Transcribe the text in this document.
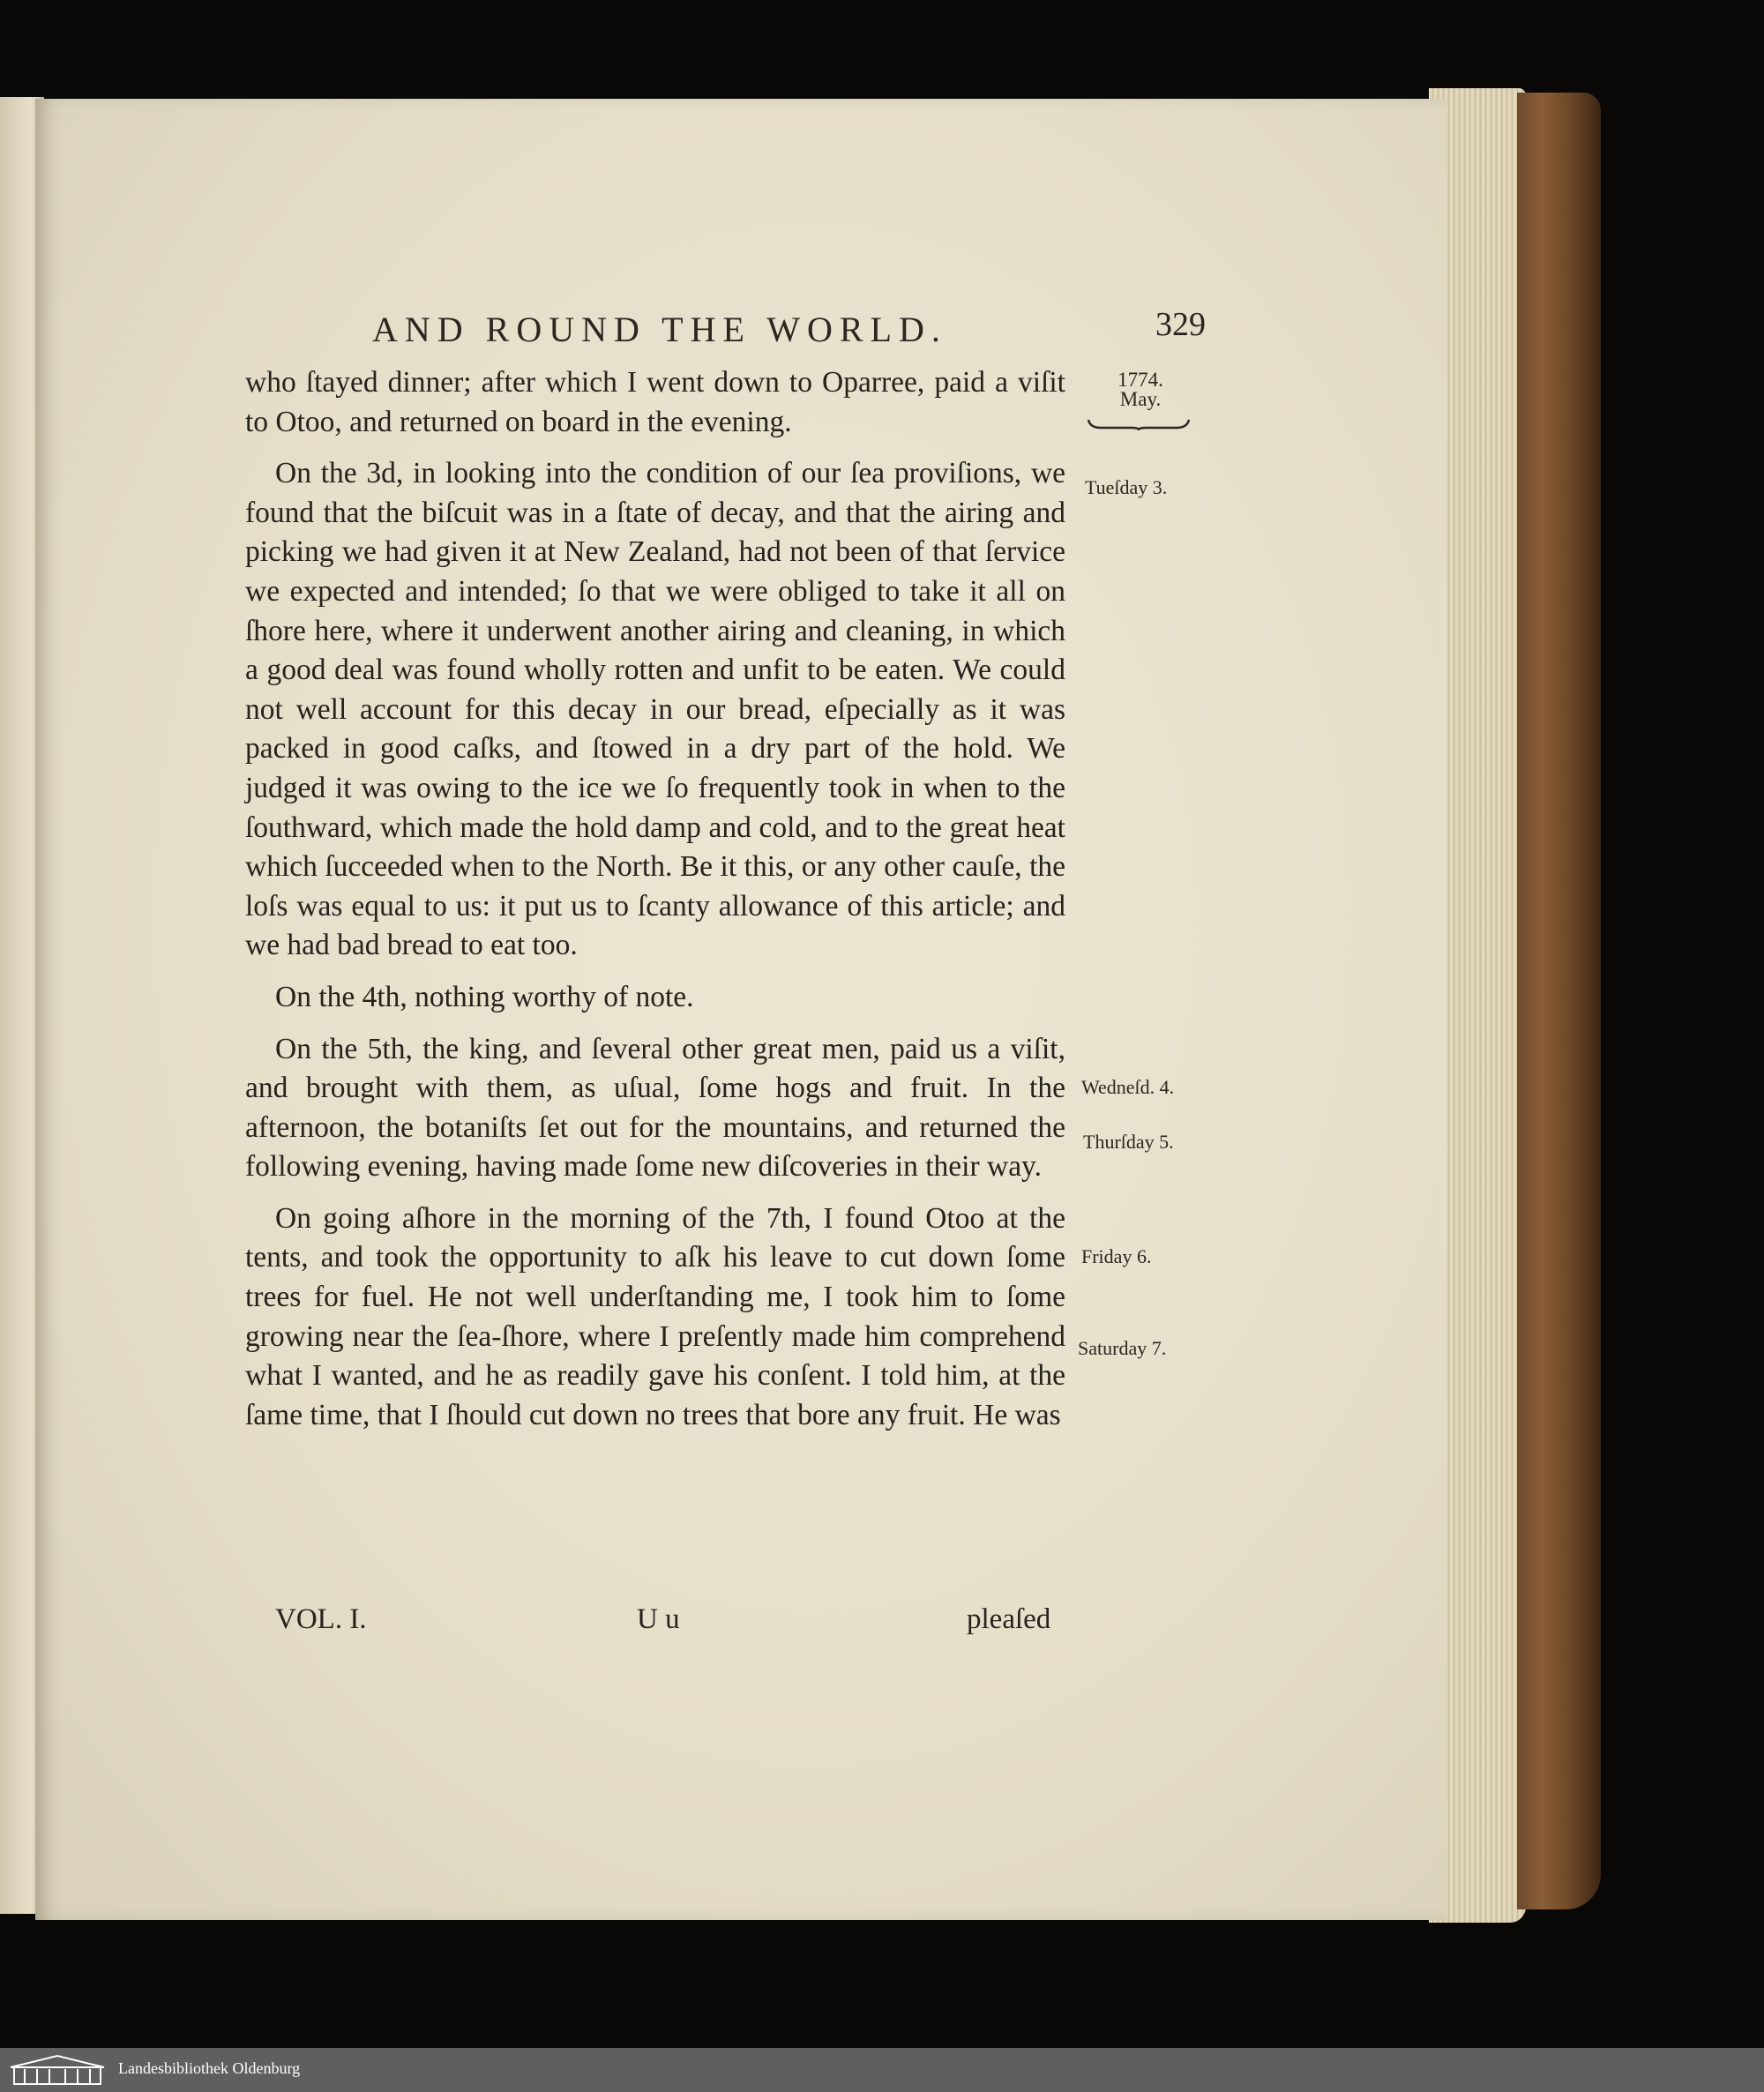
AND ROUND THE WORLD.	329
1774.
May.

who ſtayed dinner; after which I went down to Oparree, paid a viſit to Otoo, and returned on board in the evening.

On the 3d, in looking into the condition of our ſea proviſions, we found that the biſcuit was in a ſtate of decay, and that the airing and picking we had given it at New Zealand, had not been of that ſervice we expected and intended; ſo that we were obliged to take it all on ſhore here, where it underwent another airing and cleaning, in which a good deal was found wholly rotten and unfit to be eaten. We could not well account for this decay in our bread, eſpecially as it was packed in good caſks, and ſtowed in a dry part of the hold. We judged it was owing to the ice we ſo frequently took in when to the ſouthward, which made the hold damp and cold, and to the great heat which ſucceeded when to the North. Be it this, or any other cauſe, the loſs was equal to us: it put us to ſcanty allowance of this article; and we had bad bread to eat too.

On the 4th, nothing worthy of note.

On the 5th, the king, and ſeveral other great men, paid us a viſit, and brought with them, as uſual, ſome hogs and fruit. In the afternoon, the botaniſts ſet out for the mountains, and returned the following evening, having made ſome new diſcoveries in their way.

On going aſhore in the morning of the 7th, I found Otoo at the tents, and took the opportunity to aſk his leave to cut down ſome trees for fuel. He not well underſtanding me, I took him to ſome growing near the ſea-ſhore, where I preſently made him comprehend what I wanted, and he as readily gave his conſent. I told him, at the ſame time, that I ſhould cut down no trees that bore any fruit. He was

Tueſday 3.
Wedneſd. 4.
Thurſday 5.
Friday 6.
Saturday 7.
VOL. I.	U u	pleaſed
Landesbibliothek Oldenburg
